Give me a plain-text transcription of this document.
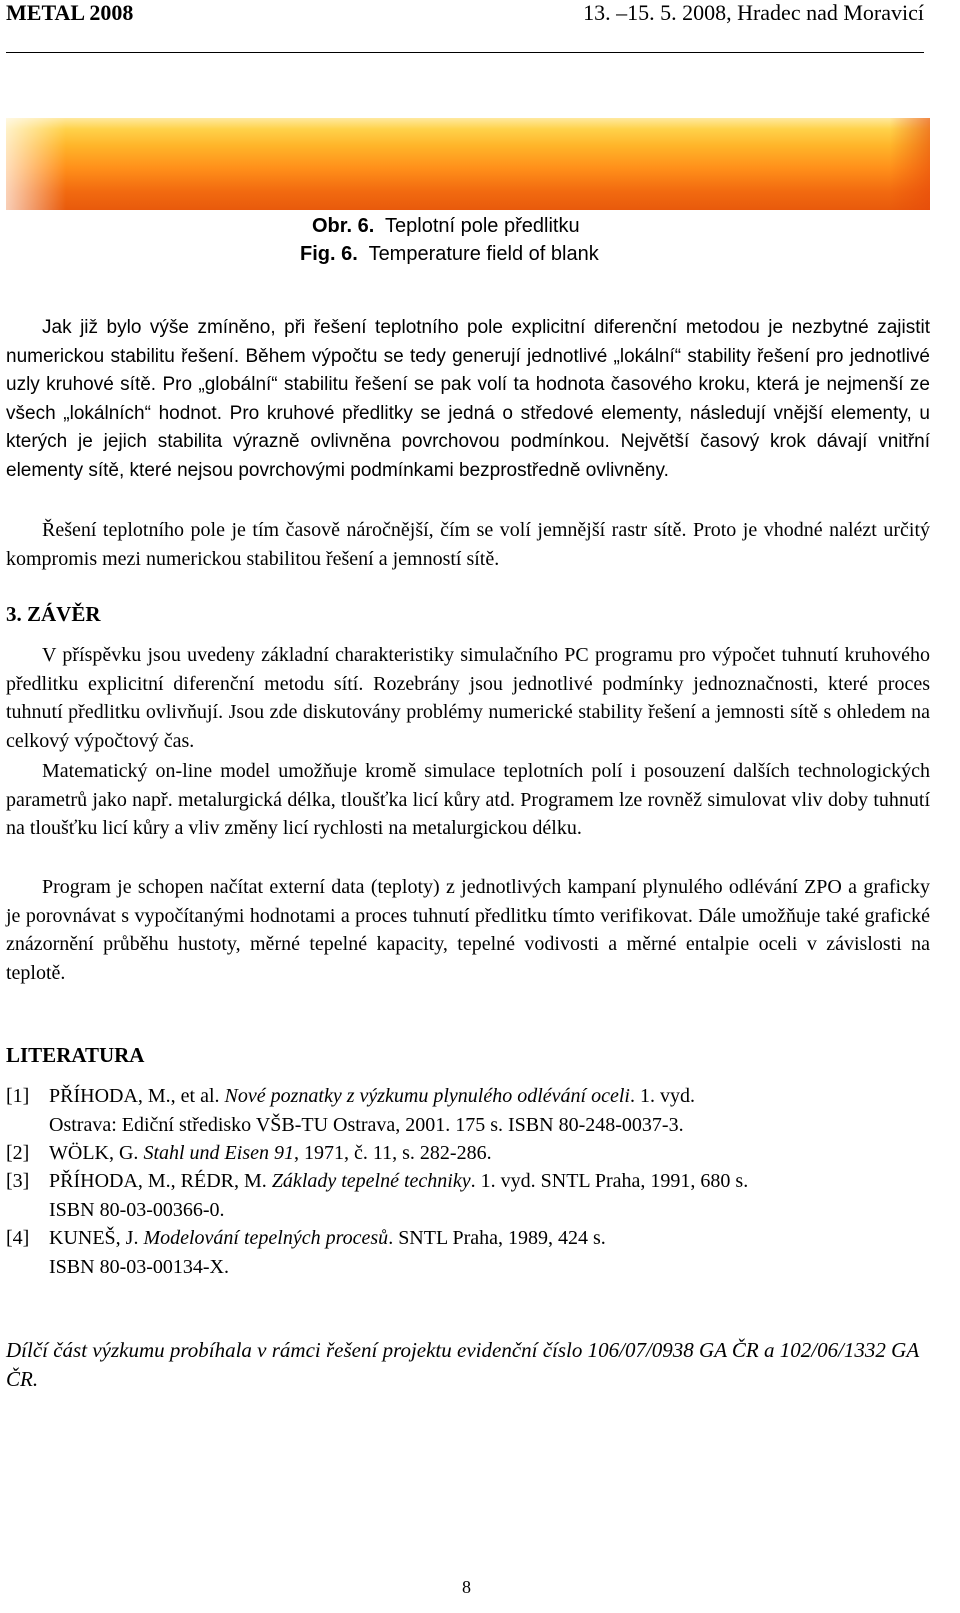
METAL 2008	13. –15. 5. 2008, Hradec nad Moravicí
Obr. 6. Teplotní pole předlitku
Fig. 6. Temperature field of blank

Jak již bylo výše zmíněno, při řešení teplotního pole explicitní diferenční metodou je nezbytné zajistit numerickou stabilitu řešení. Během výpočtu se tedy generují jednotlivé „lokální“ stability řešení pro jednotlivé uzly kruhové sítě. Pro „globální“ stabilitu řešení se pak volí ta hodnota časového kroku, která je nejmenší ze všech „lokálních“ hodnot. Pro kruhové předlitky se jedná o středové elementy, následují vnější elementy, u kterých je jejich stabilita výrazně ovlivněna povrchovou podmínkou. Největší časový krok dávají vnitřní elementy sítě, které nejsou povrchovými podmínkami bezprostředně ovlivněny.

Řešení teplotního pole je tím časově náročnější, čím se volí jemnější rastr sítě. Proto je vhodné nalézt určitý kompromis mezi numerickou stabilitou řešení a jemností sítě.

3. ZÁVĚR

V příspěvku jsou uvedeny základní charakteristiky simulačního PC programu pro výpočet tuhnutí kruhového předlitku explicitní diferenční metodu sítí. Rozebrány jsou jednotlivé podmínky jednoznačnosti, které proces tuhnutí předlitku ovlivňují. Jsou zde diskutovány problémy numerické stability řešení a jemnosti sítě s ohledem na celkový výpočtový čas.

Matematický on-line model umožňuje kromě simulace teplotních polí i posouzení dalších technologických parametrů jako např. metalurgická délka, tloušťka licí kůry atd. Programem lze rovněž simulovat vliv doby tuhnutí na tloušťku licí kůry a vliv změny licí rychlosti na metalurgickou délku.

Program je schopen načítat externí data (teploty) z jednotlivých kampaní plynulého odlévání ZPO a graficky je porovnávat s vypočítanými hodnotami a proces tuhnutí předlitku tímto verifikovat. Dále umožňuje také grafické znázornění průběhu hustoty, měrné tepelné kapacity, tepelné vodivosti a měrné entalpie oceli v závislosti na teplotě.

LITERATURA
[1] PŘÍHODA, M., et al. Nové poznatky z výzkumu plynulého odlévání oceli. 1. vyd.
Ostrava: Ediční středisko VŠB-TU Ostrava, 2001. 175 s. ISBN 80-248-0037-3.
[2] WÖLK, G. Stahl und Eisen 91, 1971, č. 11, s. 282-286.
[3] PŘÍHODA, M., RÉDR, M. Základy tepelné techniky. 1. vyd. SNTL Praha, 1991, 680 s.
ISBN 80-03-00366-0.
[4] KUNEŠ, J. Modelování tepelných procesů. SNTL Praha, 1989, 424 s.
ISBN 80-03-00134-X.

Dílčí část výzkumu probíhala v rámci řešení projektu evidenční číslo 106/07/0938 GA ČR a 102/06/1332 GA ČR.

8
